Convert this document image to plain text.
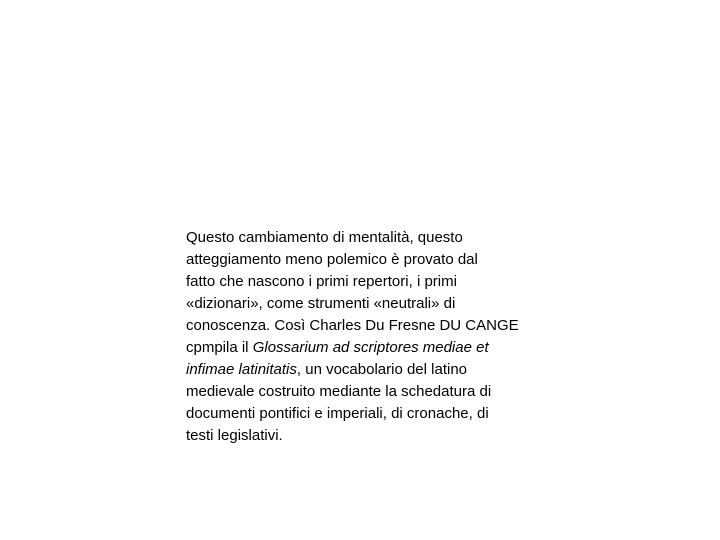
Questo cambiamento di mentalità, questo
atteggiamento meno polemico è provato dal
fatto che nascono i primi repertori, i primi
«dizionari», come strumenti «neutrali» di
conoscenza. Così Charles Du Fresne DU CANGE
cpmpila il Glossarium ad scriptores mediae et
infimae latinitatis, un vocabolario del latino
medievale costruito mediante la schedatura di
documenti pontifici e imperiali, di cronache, di
testi legislativi.
